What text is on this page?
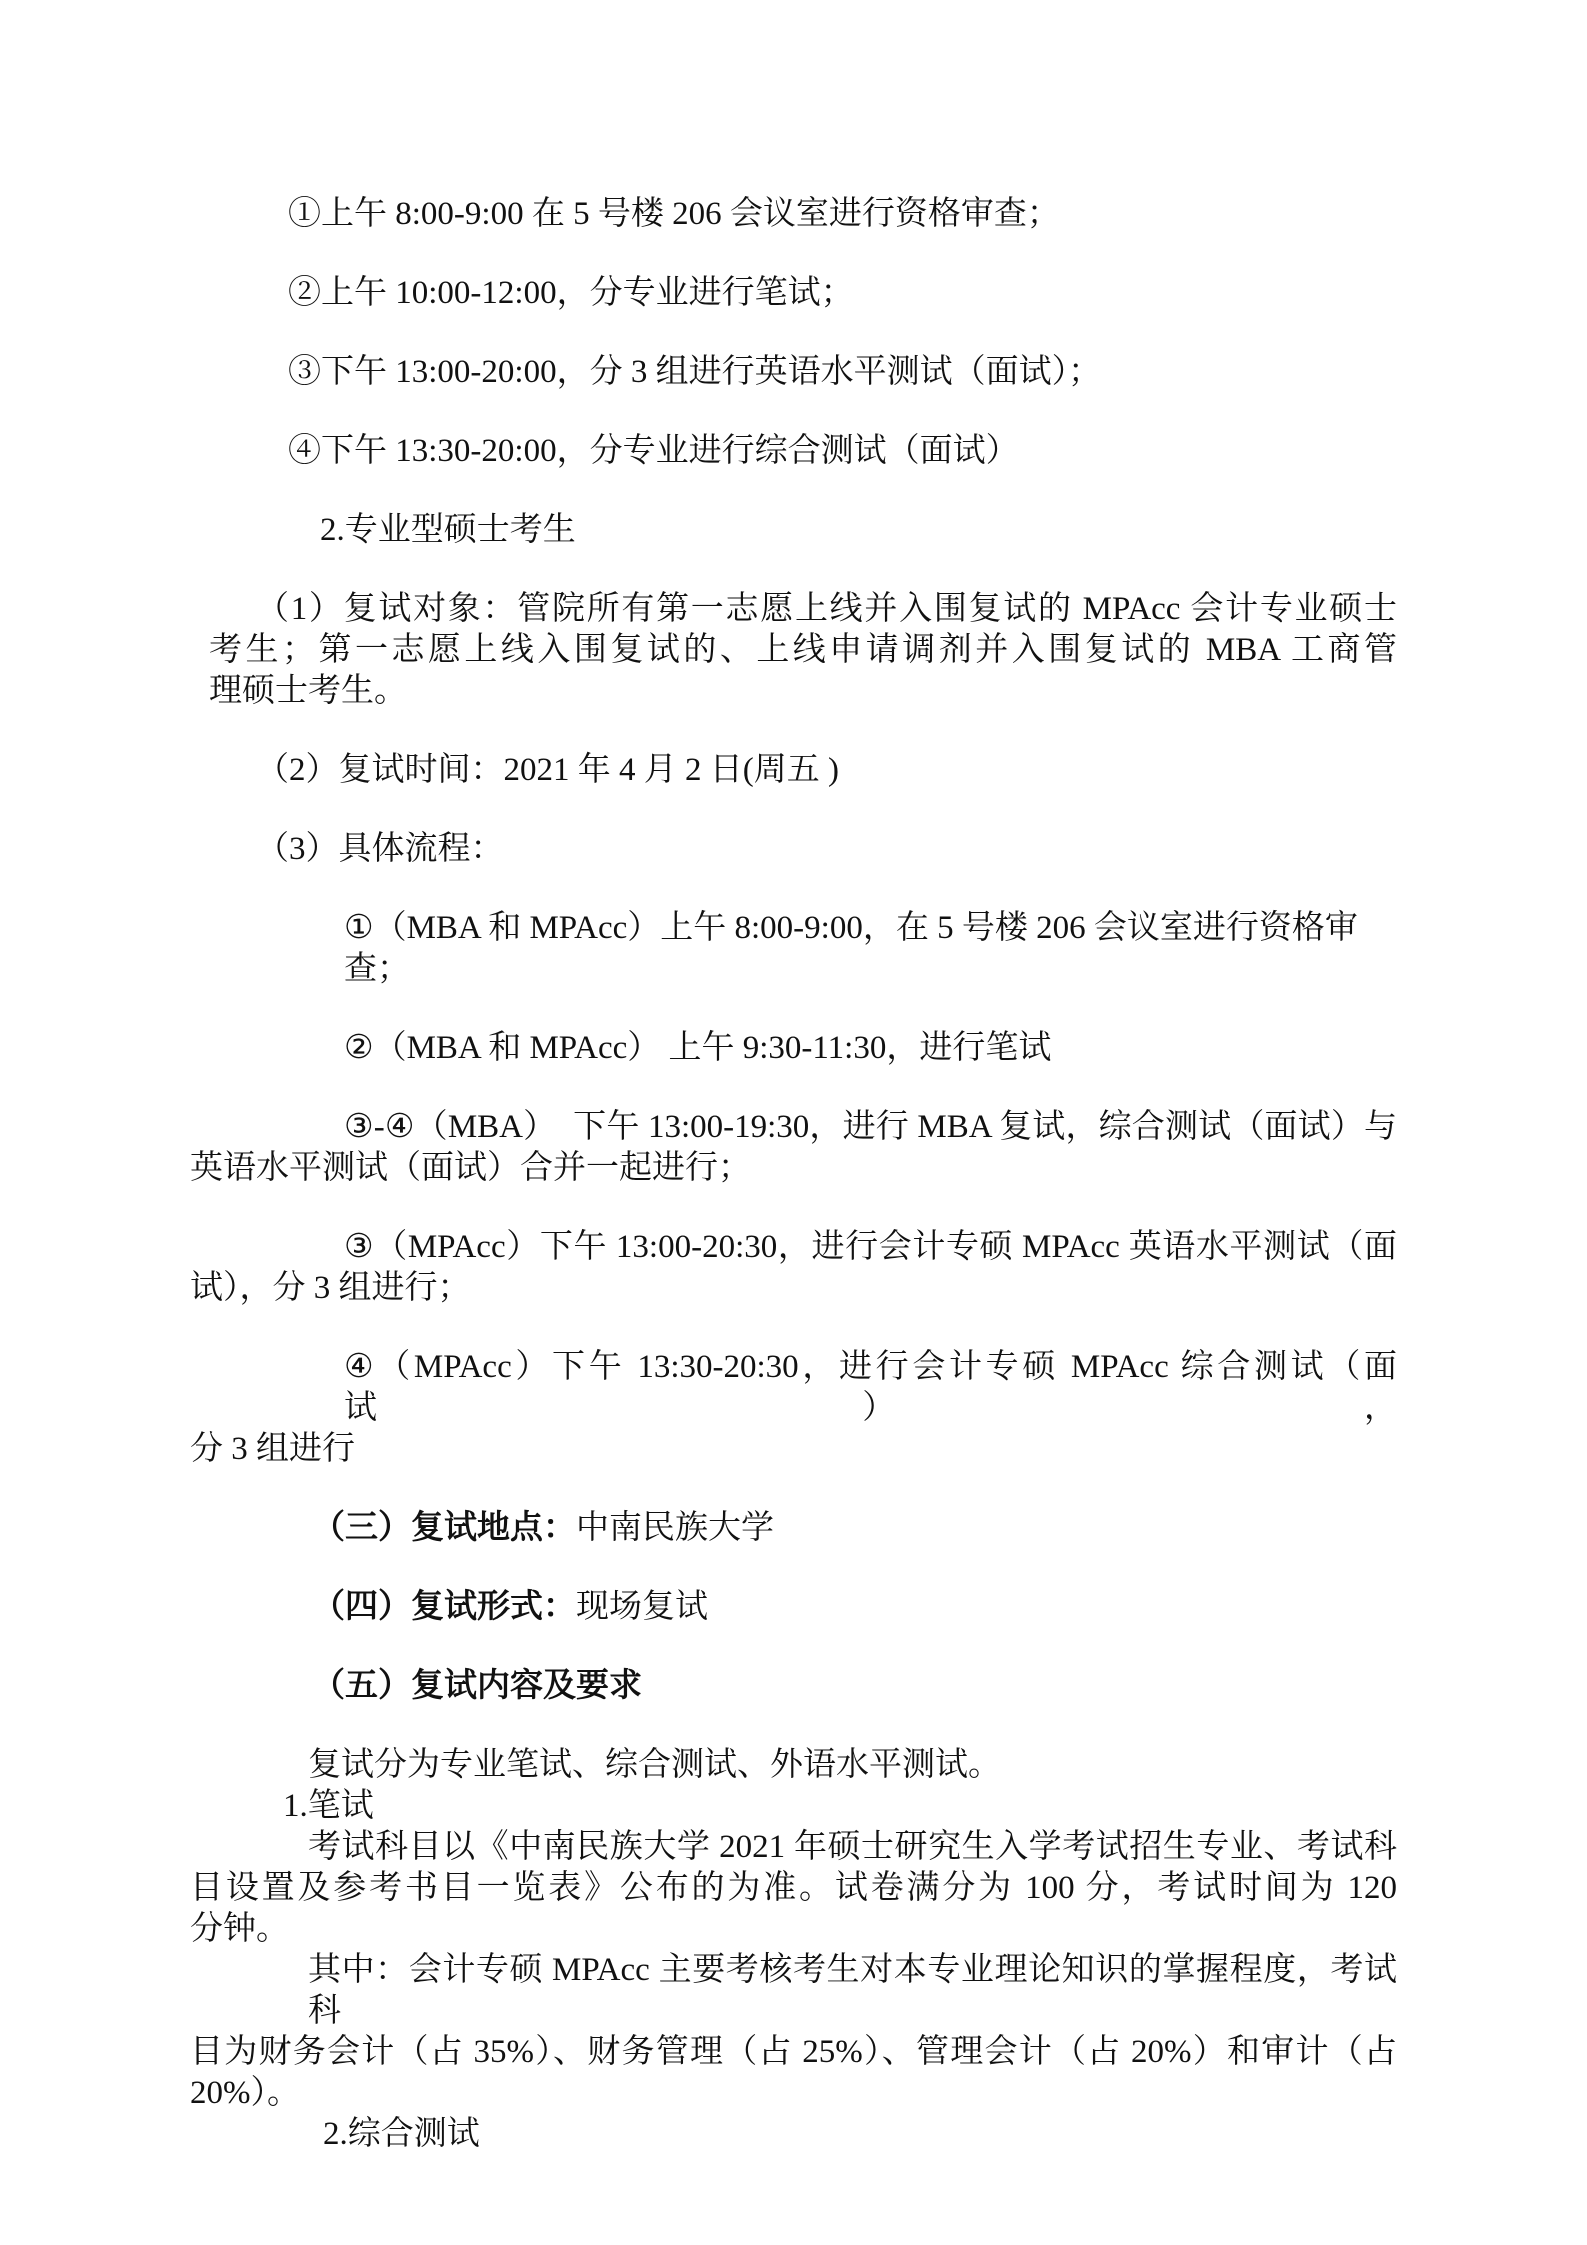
①上午 8:00-9:00 在 5 号楼 206 会议室进行资格审查；
②上午 10:00-12:00，分专业进行笔试；
③下午 13:00-20:00，分 3 组进行英语水平测试（面试）；
④下午 13:30-20:00，分专业进行综合测试（面试）
2.专业型硕士考生
（1）复试对象：管院所有第一志愿上线并入围复试的 MPAcc 会计专业硕士
考生；第一志愿上线入围复试的、上线申请调剂并入围复试的 MBA 工商管
理硕士考生。
（2）复试时间：2021 年 4 月 2 日(周五 )
（3）具体流程：
①（MBA 和 MPAcc）上午 8:00-9:00，在 5 号楼 206 会议室进行资格审查；
②（MBA 和 MPAcc） 上午 9:30-11:30，进行笔试
③-④（MBA）  下午 13:00-19:30，进行 MBA 复试，综合测试（面试）与
英语水平测试（面试）合并一起进行；
③（MPAcc）下午 13:00-20:30，进行会计专硕 MPAcc 英语水平测试（面
试），分 3 组进行；
④（MPAcc）下午 13:30-20:30，进行会计专硕 MPAcc 综合测试（面试），
分 3 组进行
（三）复试地点：中南民族大学
（四）复试形式：现场复试
（五）复试内容及要求
复试分为专业笔试、综合测试、外语水平测试。
1.笔试
考试科目以《中南民族大学 2021 年硕士研究生入学考试招生专业、考试科
目设置及参考书目一览表》公布的为准。试卷满分为 100 分，考试时间为 120
分钟。
其中：会计专硕 MPAcc 主要考核考生对本专业理论知识的掌握程度，考试科
目为财务会计（占 35%）、财务管理（占 25%）、管理会计（占 20%）和审计（占
20%）。
2.综合测试
